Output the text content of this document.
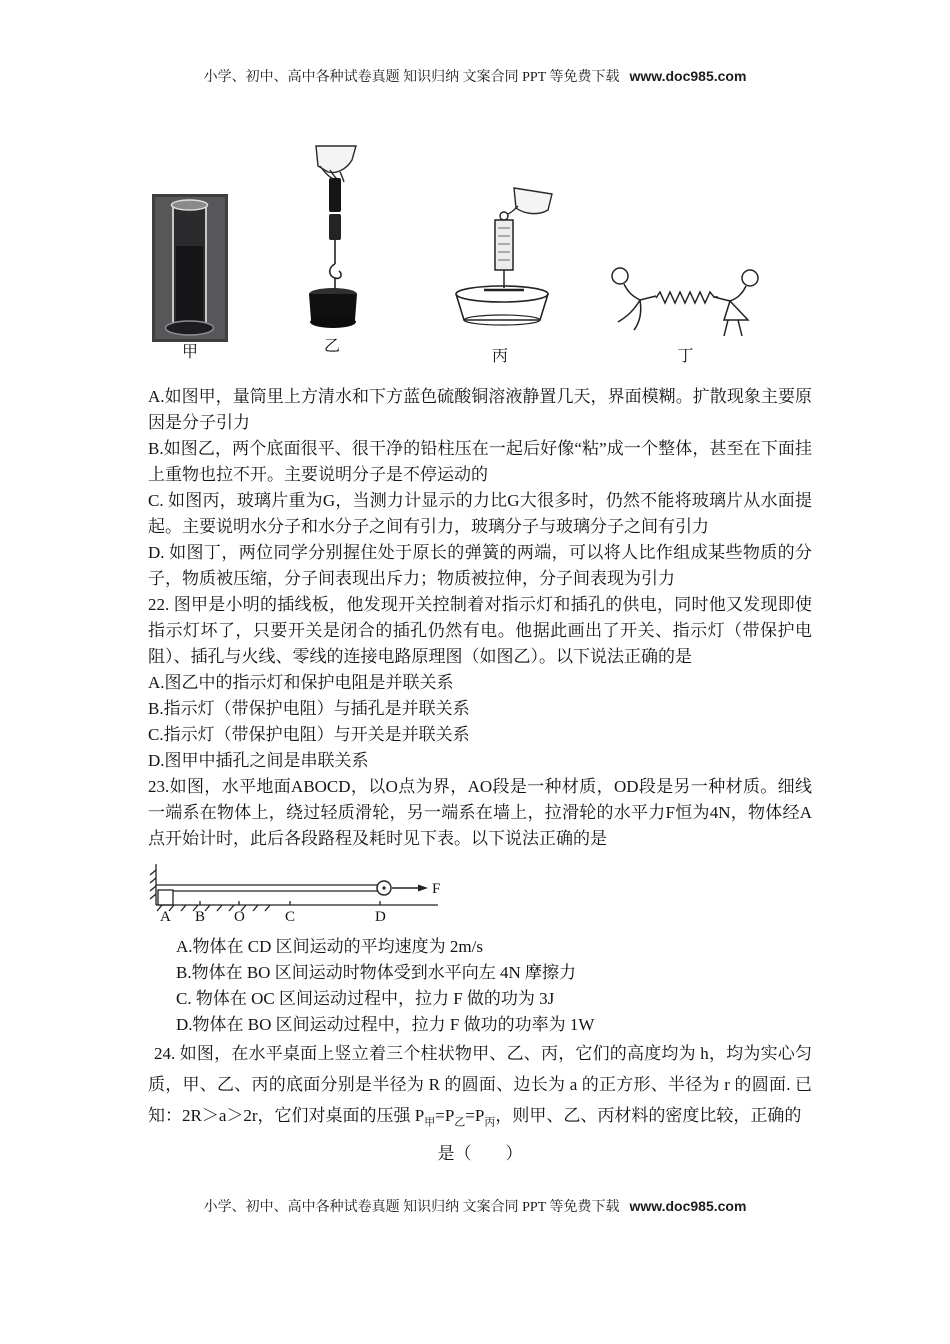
小学、初中、高中各种试卷真题 知识归纳 文案合同 PPT 等免费下载 www.doc985.com
甲	乙
丙	丁

A.如图甲，量筒里上方清水和下方蓝色硫酸铜溶液静置几天，界面模糊。扩散现象主要原因是分子引力

B.如图乙，两个底面很平、很干净的铅柱压在一起后好像“粘”成一个整体，甚至在下面挂上重物也拉不开。主要说明分子是不停运动的

C. 如图丙，玻璃片重为G，当测力计显示的力比G大很多时，仍然不能将玻璃片从水面提起。主要说明水分子和水分子之间有引力，玻璃分子与玻璃分子之间有引力

D. 如图丁，两位同学分别握住处于原长的弹簧的两端，可以将人比作组成某些物质的分子，物质被压缩，分子间表现出斥力；物质被拉伸，分子间表现为引力

22. 图甲是小明的插线板，他发现开关控制着对指示灯和插孔的供电，同时他又发现即使指示灯坏了，只要开关是闭合的插孔仍然有电。他据此画出了开关、指示灯（带保护电阻）、插孔与火线、零线的连接电路原理图（如图乙）。以下说法正确的是

A.图乙中的指示灯和保护电阻是并联关系

B.指示灯（带保护电阻）与插孔是并联关系

C.指示灯（带保护电阻）与开关是并联关系

D.图甲中插孔之间是串联关系

23.如图，水平地面ABOCD，以O点为界，AO段是一种材质，OD段是另一种材质。细线一端系在物体上，绕过轻质滑轮，另一端系在墙上，拉滑轮的水平力F恒为4N，物体经A点开始计时，此后各段路程及耗时见下表。以下说法正确的是

A B O	C	D
F

A.物体在 CD 区间运动的平均速度为 2m/s

B.物体在 BO 区间运动时物体受到水平向左 4N 摩擦力

C. 物体在 OC 区间运动过程中，拉力 F 做的功为 3J

D.物体在 BO 区间运动过程中，拉力 F 做功的功率为 1W

24. 如图，在水平桌面上竖立着三个柱状物甲、乙、丙，它们的高度均为 h，均为实心匀质，甲、乙、丙的底面分别是半径为 R 的圆面、边长为 a 的正方形、半径为 r 的圆面. 已知：2R＞a＞2r，它们对桌面的压强 $P_甲=P_乙=P_丙$，则甲、乙、丙材料的密度比较，正确的

是（　　）

小学、初中、高中各种试卷真题 知识归纳 文案合同 PPT 等免费下载 www.doc985.com
